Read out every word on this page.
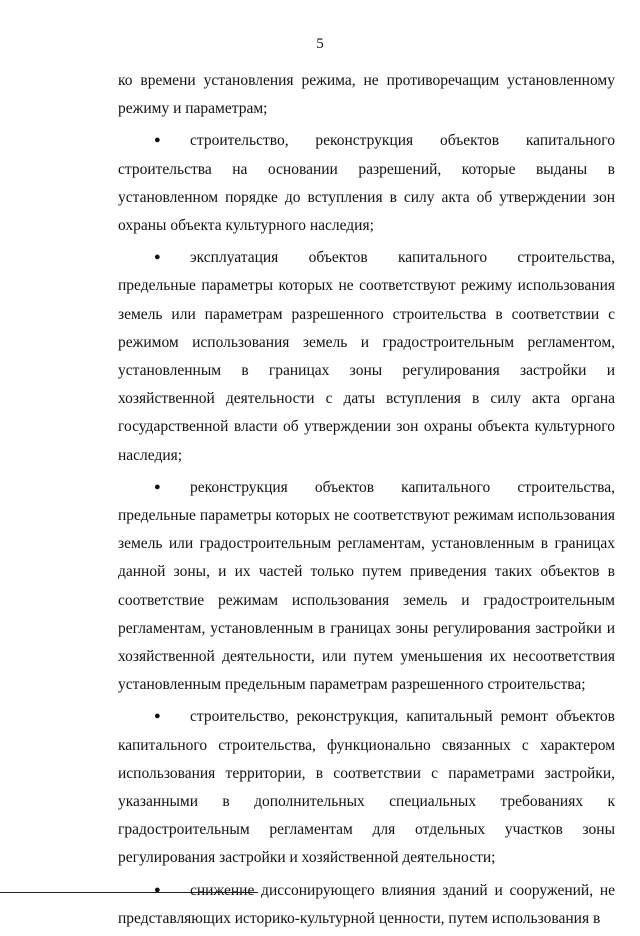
5

ко времени установления режима, не противоречащим установленному режиму и параметрам;

● строительство, реконструкция объектов капитального строительства на основании разрешений, которые выданы в установленном порядке до вступления в силу акта об утверждении зон охраны объекта культурного наследия;

● эксплуатация объектов капитального строительства, предельные параметры которых не соответствуют режиму использования земель или параметрам разрешенного строительства в соответствии с режимом использования земель и градостроительным регламентом, установленным в границах зоны регулирования застройки и хозяйственной деятельности с даты вступления в силу акта органа государственной власти об утверждении зон охраны объекта культурного наследия;

● реконструкция объектов капитального строительства, предельные параметры которых не соответствуют режимам использования земель или градостроительным регламентам, установленным в границах данной зоны, и их частей только путем приведения таких объектов в соответствие режимам использования земель и градостроительным регламентам, установленным в границах зоны регулирования застройки и хозяйственной деятельности, или путем уменьшения их несоответствия установленным предельным параметрам разрешенного строительства;

● строительство, реконструкция, капитальный ремонт объектов капитального строительства, функционально связанных с характером использования территории, в соответствии с параметрами застройки, указанными в дополнительных специальных требованиях к градостроительным регламентам для отдельных участков зоны регулирования застройки и хозяйственной деятельности;

● снижение диссонирующего влияния зданий и сооружений, не представляющих историко-культурной ценности, путем использования в
